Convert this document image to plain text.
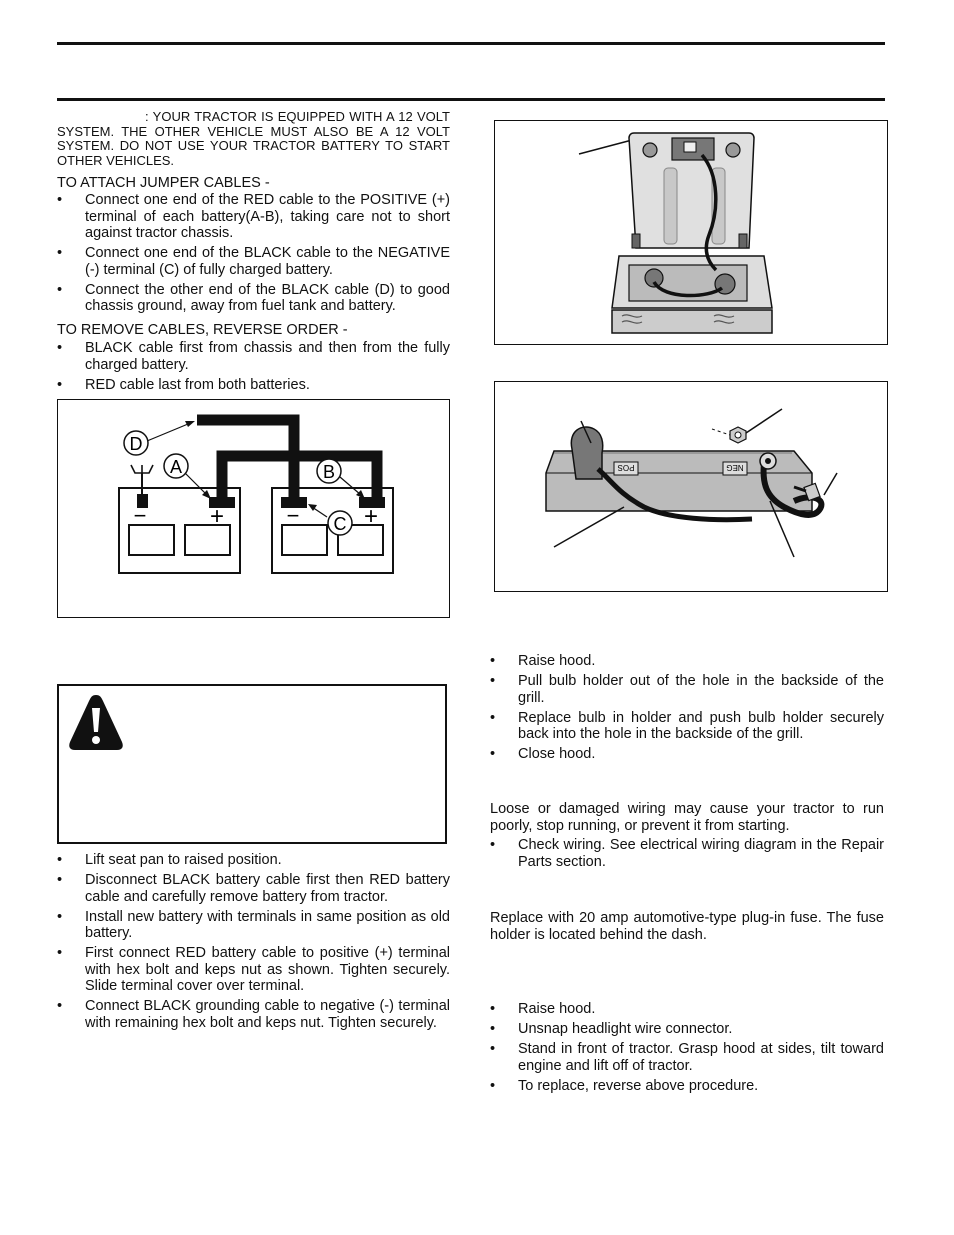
: YOUR TRACTOR IS EQUIPPED WITH A 12 VOLT SYSTEM. THE OTHER VEHICLE MUST ALSO BE A 12 VOLT SYSTEM. DO NOT USE YOUR TRACTOR BATTERY TO START OTHER VEHICLES.

TO ATTACH JUMPER CABLES -

• Connect one end of the RED cable to the POSITIVE (+) terminal of each battery(A-B), taking care not to short against tractor chassis.
• Connect one end of the BLACK cable to the NEGATIVE (-) terminal (C) of fully charged battery.
• Connect the other end of the BLACK cable (D) to good chassis ground, away from fuel tank and battery.

TO REMOVE CABLES, REVERSE ORDER -

• BLACK cable first from chassis and then from the fully charged battery.
• RED cable last from both batteries.
−	+	−	+
D
A	B
C
• Lift seat pan to raised position.
• Disconnect BLACK battery cable first then RED battery cable and carefully remove battery from tractor.
• Install new battery with terminals in same position as old battery.
• First connect RED battery cable to positive (+) terminal with hex bolt and keps nut as shown. Tighten securely. Slide terminal cover over terminal.
• Connect BLACK grounding cable to negative (-) terminal with remaining hex bolt and keps nut. Tighten securely.
POS	NEG
• Raise hood.
• Pull bulb holder out of the hole in the backside of the grill.
• Replace bulb in holder and push bulb holder securely back into the hole in the backside of the grill.
• Close hood.

Loose or damaged wiring may cause your tractor to run poorly, stop running, or prevent it from starting.

• Check wiring. See electrical wiring diagram in the Repair Parts section.

Replace with 20 amp automotive-type plug-in fuse. The fuse holder is located behind the dash.

• Raise hood.
• Unsnap headlight wire connector.
• Stand in front of tractor. Grasp hood at sides, tilt toward engine and lift off of tractor.
• To replace, reverse above procedure.
